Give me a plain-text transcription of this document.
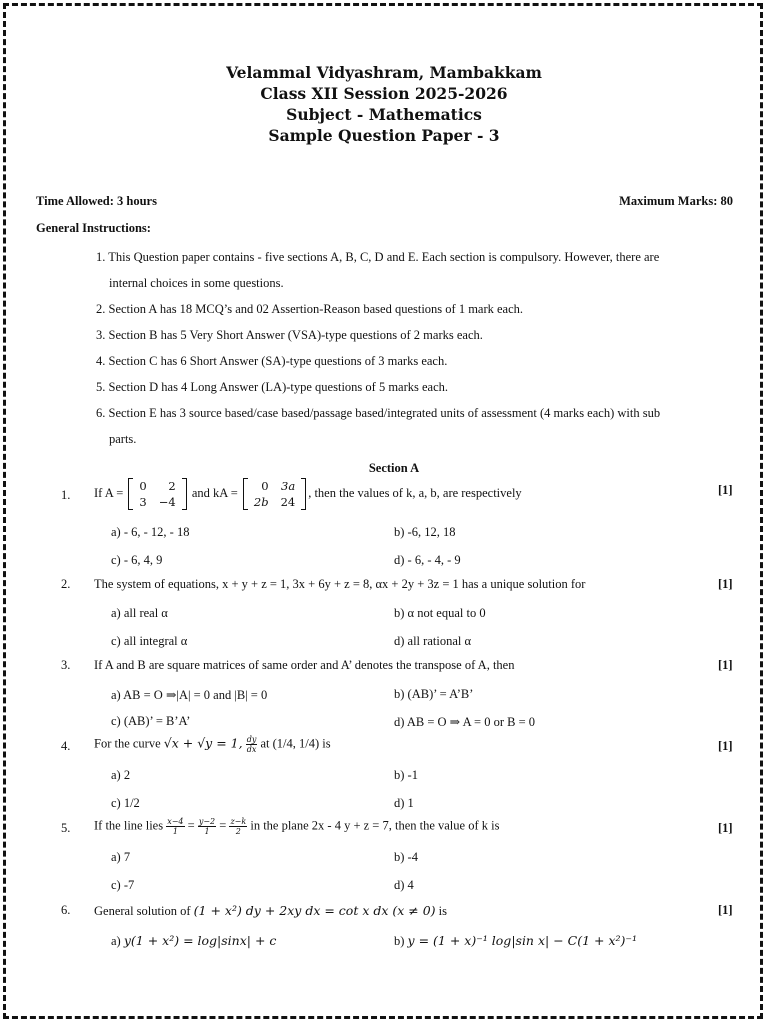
Velammal Vidyashram, Mambakkam
Class XII Session 2025-2026
Subject - Mathematics
Sample Question Paper - 3
Time Allowed: 3 hours	Maximum Marks: 80
General Instructions:

1. This Question paper contains - five sections A, B, C, D and E. Each section is compulsory. However, there are

internal choices in some questions.

2. Section A has 18 MCQ’s and 02 Assertion-Reason based questions of 1 mark each.

3. Section B has 5 Very Short Answer (VSA)-type questions of 2 marks each.

4. Section C has 6 Short Answer (SA)-type questions of 3 marks each.

5. Section D has 4 Long Answer (LA)-type questions of 5 marks each.

6. Section E has 3 source based/case based/passage based/integrated units of assessment (4 marks each) with sub

parts.

Section A
1. If A = 0	2
3	−4
and kA = 0	3a
2b	24
, then the values of k, a, b, are respectively	[1]
a) - 6, - 12, - 18	b) -6, 12, 18
c) - 6, 4, 9	d) - 6, - 4, - 9
2. The system of equations, x + y + z = 1, 3x + 6y + z = 8, αx + 2y + 3z = 1 has a unique solution for	[1]
a) all real α	b) α not equal to 0
c) all integral α	d) all rational α
3. If A and B are square matrices of same order and A’ denotes the transpose of A, then	[1]
a) AB = O ⇒|A| = 0 and |B| = 0	b) (AB)’ = A’B’
c) (AB)’ = B’A’	d) AB = O ⇒ A = 0 or B = 0
4. For the curve √x + √y = 1, $\frac{dy}{dx}$ at (1/4, 1/4) is	[1]
a) 2	b) -1
c) 1/2	d) 1
5. If the line lies $\frac{x-4}{1} = \frac{y-2}{1} = \frac{z-k}{2}$ in the plane 2x - 4 y + z = 7, then the value of k is	[1]
a) 7	b) -4
c) -7	d) 4
6. General solution of (1 + x²) dy + 2xy dx = cot x dx (x ≠ 0) is	[1]
a) y(1 + x²) = log|sinx| + c	b) y = (1 + x)⁻¹ log|sin x| − C(1 + x²)⁻¹
